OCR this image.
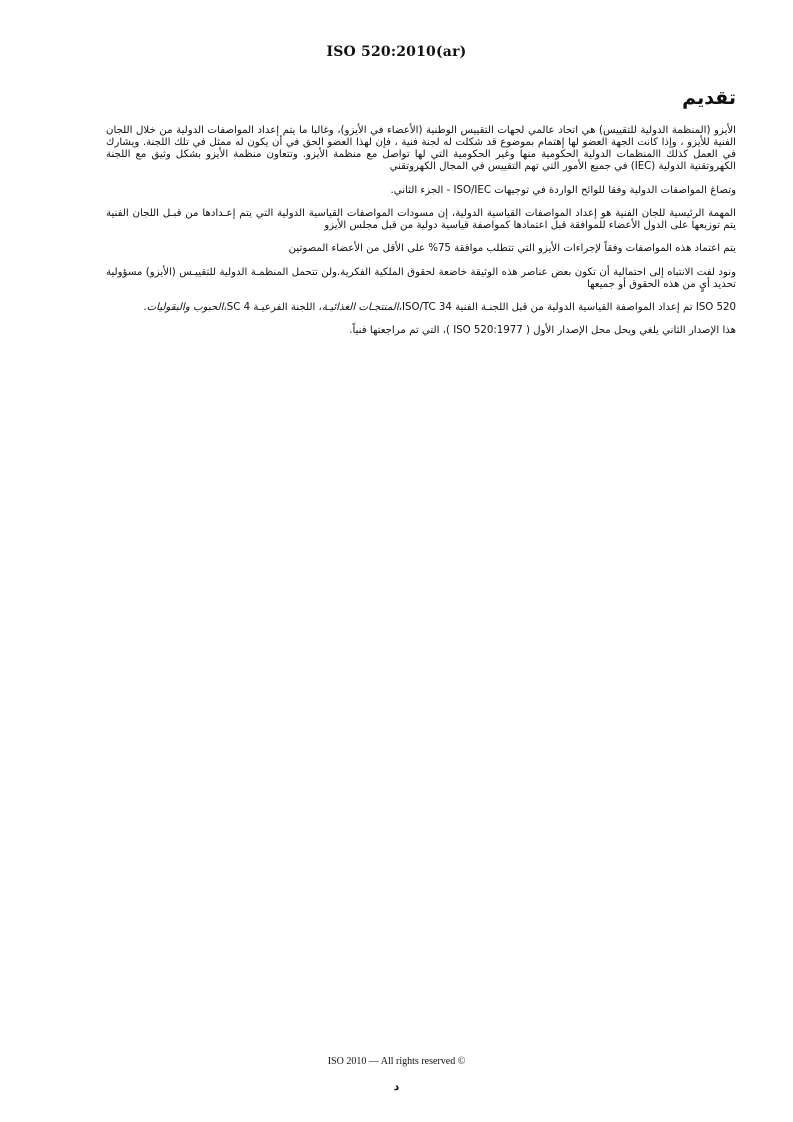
ISO 520:2010(ar)
تقديم

الأيزو (المنظمة الدولية للتقييس) هي اتحاد عالمي لجهات التقييس الوطنية (الأعضاء في الأيزو)، وغالبا ما يتم إعداد المواصفات الدولية من خلال اللجان الفنية للأيزو ، وإذا كانت الجهة العضو لها إهتمام بموضوع قد شكلت له لجنة فنية ، فإن لهذا العضو الحق في أن يكون له ممثل في تلك اللجنة. ويشارك في العمل كذلك االمنظمات الدولية الحكومية منها وغير الحكومية التي لها تواصل مع منظمة الأيزو. وتتعاون منظمة الأيزو بشكل وثيق مع اللجنة الكهروتقنية الدولية (IEC) في جميع الأمور التي تهم التقييس في المجال الكهروتقني

وتصاغ المواصفات الدولية وفقا للوائح الواردة في توجيهات ISO/IEC - الجزء الثاني.

المهمة الرئيسية للجان الفنية هو إعداد المواصفات القياسية الدولية، إن مسودات المواصفات القياسية الدولية التي يتم إعـدادها من قبـل اللجان الفنية يتم توزيعها على الدول الأعضاء للموافقة قبل اعتمادها كمواصفة قياسية دولية من قبل مجلس الأيزو

يتم اعتماد هذه المواصفات وفقاً لإجراءات الأيزو التي تتطلب موافقة 75% على الأقل من الأعضاء المصوتين

ونود لفت الانتباه إلى احتمالية أن تكون بعض عناصر هذه الوثيقة خاضعة لحقوق الملكية الفكرية.ولن تتحمل المنظمـة الدولية للتقييـس (الأيزو) مسؤولية تحديد أيٍ من هذه الحقوق أو جميعها

ISO 520 تم إعداد المواصفة القياسية الدولية من قبل اللجنـة الفنية ISO/TC 34،المنتجـات الغذائيـة، اللجنة الفرعيـة SC 4،الحبوب والبقوليات.

هذا الإصدار الثاني يلغي ويحل محل الإصدار الأول ( ISO 520:1977 )، التي تم مراجعتها فنياً.

ISO 2010 — All rights reserved ©
د
